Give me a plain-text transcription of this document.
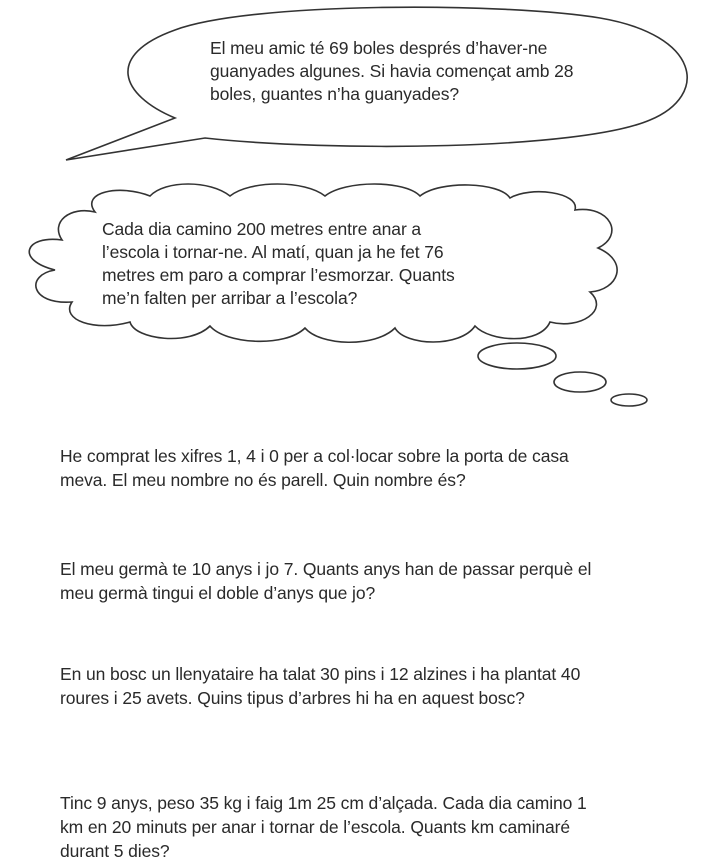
El meu amic té 69 boles després d’haver-ne
guanyades algunes. Si havia començat amb 28
boles, guantes n’ha guanyades?
Cada dia camino 200 metres entre anar a
l’escola i tornar-ne. Al matí, quan ja he fet 76
metres em paro a comprar l’esmorzar. Quants
me’n falten per arribar a l’escola?
He comprat les xifres 1, 4 i 0 per a col·locar sobre la porta de casa
meva. El meu nombre no és parell. Quin nombre és?
El meu germà te 10 anys i jo 7. Quants anys han de passar perquè el
meu germà tingui el doble d’anys que jo?
En un bosc un llenyataire ha talat 30 pins i 12 alzines i ha plantat 40
roures i 25 avets. Quins tipus d’arbres hi ha en aquest bosc?
Tinc 9 anys, peso 35 kg i faig 1m 25 cm d’alçada. Cada dia camino 1
km en 20 minuts per anar i tornar de l’escola. Quants km caminaré
durant 5 dies?
